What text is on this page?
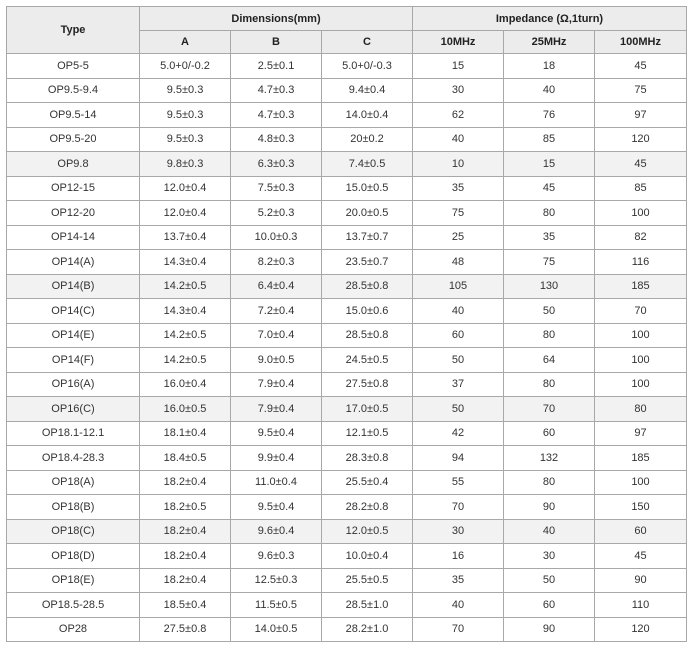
Type	Dimensions(mm)			Impedance (Ω,1turn)		
	A	B	C	10MHz	25MHz	100MHz
OP5-5	5.0+0/-0.2	2.5±0.1	5.0+0/-0.3	15	18	45
OP9.5-9.4	9.5±0.3	4.7±0.3	9.4±0.4	30	40	75
OP9.5-14	9.5±0.3	4.7±0.3	14.0±0.4	62	76	97
OP9.5-20	9.5±0.3	4.8±0.3	20±0.2	40	85	120
OP9.8	9.8±0.3	6.3±0.3	7.4±0.5	10	15	45
OP12-15	12.0±0.4	7.5±0.3	15.0±0.5	35	45	85
OP12-20	12.0±0.4	5.2±0.3	20.0±0.5	75	80	100
OP14-14	13.7±0.4	10.0±0.3	13.7±0.7	25	35	82
OP14(A)	14.3±0.4	8.2±0.3	23.5±0.7	48	75	116
OP14(B)	14.2±0.5	6.4±0.4	28.5±0.8	105	130	185
OP14(C)	14.3±0.4	7.2±0.4	15.0±0.6	40	50	70
OP14(E)	14.2±0.5	7.0±0.4	28.5±0.8	60	80	100
OP14(F)	14.2±0.5	9.0±0.5	24.5±0.5	50	64	100
OP16(A)	16.0±0.4	7.9±0.4	27.5±0.8	37	80	100
OP16(C)	16.0±0.5	7.9±0.4	17.0±0.5	50	70	80
OP18.1-12.1	18.1±0.4	9.5±0.4	12.1±0.5	42	60	97
OP18.4-28.3	18.4±0.5	9.9±0.4	28.3±0.8	94	132	185
OP18(A)	18.2±0.4	11.0±0.4	25.5±0.4	55	80	100
OP18(B)	18.2±0.5	9.5±0.4	28.2±0.8	70	90	150
OP18(C)	18.2±0.4	9.6±0.4	12.0±0.5	30	40	60
OP18(D)	18.2±0.4	9.6±0.3	10.0±0.4	16	30	45
OP18(E)	18.2±0.4	12.5±0.3	25.5±0.5	35	50	90
OP18.5-28.5	18.5±0.4	11.5±0.5	28.5±1.0	40	60	110
OP28	27.5±0.8	14.0±0.5	28.2±1.0	70	90	120
